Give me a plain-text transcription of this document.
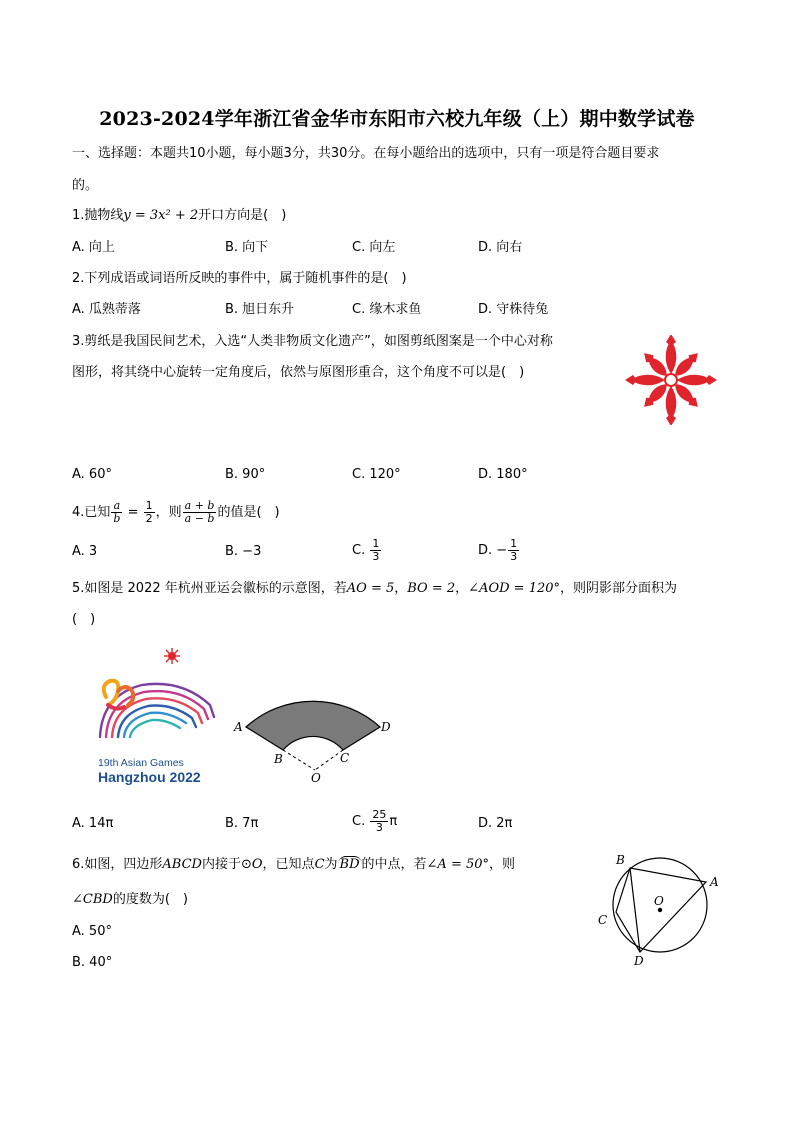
2023-2024学年浙江省金华市东阳市六校九年级（上）期中数学试卷
一、选择题：本题共10小题，每小题3分，共30分。在每小题给出的选项中，只有一项是符合题目要求
的。
1.抛物线y = 3x² + 2开口方向是(　)
A. 向上	B. 向下	C. 向左	D. 向右
2.下列成语或词语所反映的事件中，属于随机事件的是(　)
A. 瓜熟蒂落	B. 旭日东升	C. 缘木求鱼	D. 守株待兔
3.剪纸是我国民间艺术，入选“人类非物质文化遗产”，如图剪纸图案是一个中心对称
图形，将其绕中心旋转一定角度后，依然与原图形重合，这个角度不可以是(　)
A. 60°	B. 90°	C. 120°	D. 180°
4.已知 $\frac{a}{b} = \frac{1}{2}$ ，则 $\frac{a + b}{a - b}$ 的值是(　)
A. 3	B. −3	C. $\frac{1}{3}$	D. − $\frac{1}{3}$
5.如图是 2022 年杭州亚运会徽标的示意图，若AO = 5，BO = 2，∠AOD = 120°，则阴影部分面积为
(　)
19th Asian Games
Hangzhou 2022
A	D
B	C
O
A. 14π	B. 7π	C. $\frac{25}{3}$ π	D. 2π
6.如图，四边形ABCD内接于⊙O，已知点C为 BD 的中点，若∠A = 50°，则
∠CBD的度数为(　)
A. 50°
B. 40°
B
A
C
D
O
